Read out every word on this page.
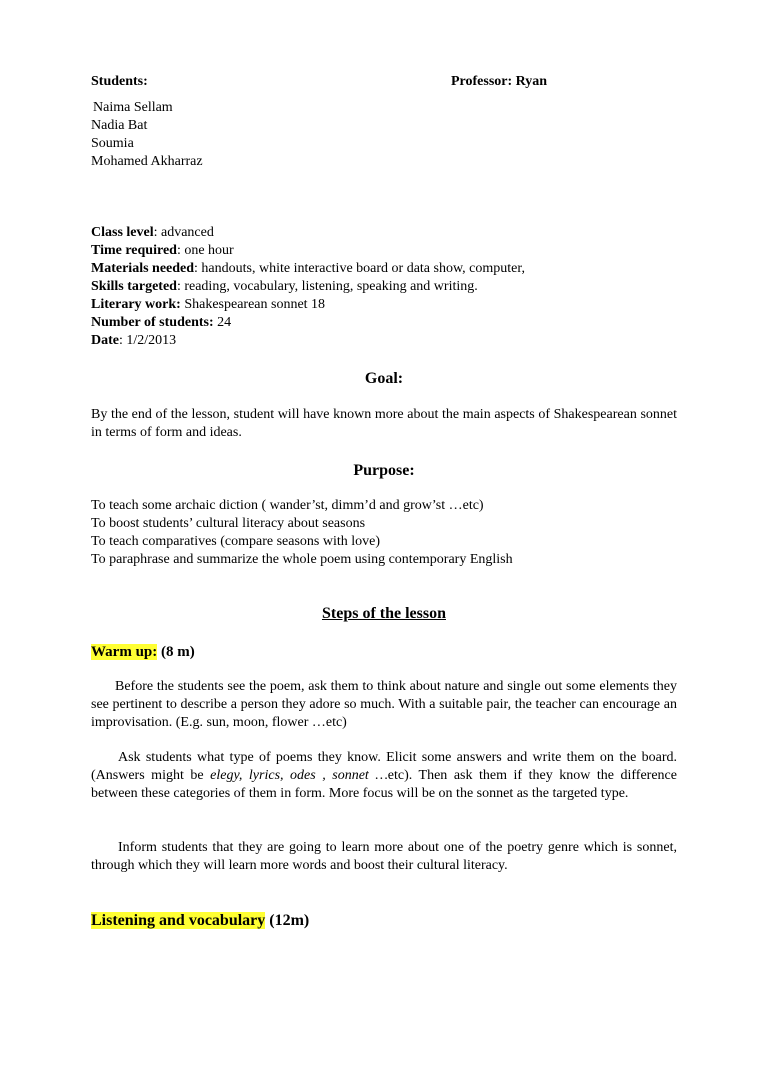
Students:	Professor: Ryan
Naima Sellam
Nadia Bat
Soumia
Mohamed Akharraz
Class level: advanced
Time required: one hour
Materials needed: handouts, white interactive board or data show, computer,
Skills targeted: reading, vocabulary, listening, speaking and writing.
Literary work: Shakespearean sonnet 18
Number of students: 24
Date: 1/2/2013
Goal:
By the end of the lesson, student will have known more about the main aspects of Shakespearean sonnet in terms of form and ideas.
Purpose:
To teach some archaic diction ( wander’st, dimm’d and grow’st …etc)
To boost students’ cultural literacy about seasons
To teach comparatives (compare seasons with love)
To paraphrase and summarize the whole poem using contemporary English
Steps of the lesson
Warm up: (8 m)
Before the students see the poem, ask them to think about nature and single out some elements they see pertinent to describe a person they adore so much. With a suitable pair, the teacher can encourage an improvisation. (E.g. sun, moon, flower …etc)
Ask students what type of poems they know. Elicit some answers and write them on the board. (Answers might be elegy, lyrics, odes , sonnet …etc). Then ask them if they know the difference between these categories of them in form. More focus will be on the sonnet as the targeted type.
Inform students that they are going to learn more about one of the poetry genre which is sonnet, through which they will learn more words and boost their cultural literacy.
Listening and vocabulary (12m)
